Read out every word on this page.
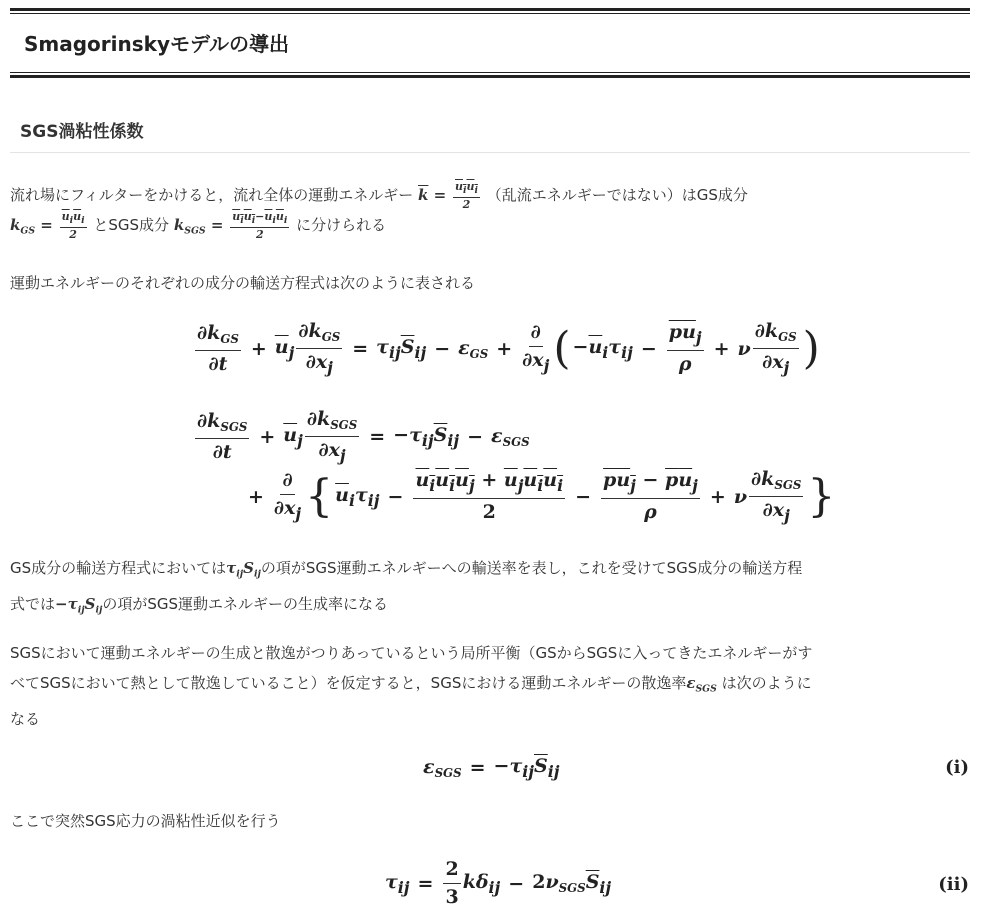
Smagorinskyモデルの導出
SGS渦粘性係数
流れ場にフィルターをかけると，流れ全体の運動エネルギー $\overline{k} = \frac{u_iu_i}{2}$ （乱流エネルギーではない）はGS成分
$k_{GS} = \frac{\overline{u}_i\overline{u}_i}{2}$ とSGS成分 $k_{SGS} = \frac{u_iu_i-\overline{u}_i\overline{u}_i}{2}$ に分けられる
運動エネルギーのそれぞれの成分の輸送方程式は次のように表される
$\frac{\partial k_{GS}}{\partial t} + \overline{u}_j \frac{\partial k_{GS}}{\partial x_j} = \tau_{ij}\overline{S}_{ij} - \varepsilon_{GS} + \frac{\partial}{\partial x_j}$ ( $-\overline{u}_i\tau_{ij} - \frac{\overline{p}\overline{u}_j}{\rho} + \nu \frac{\partial k_{GS}}{\partial x_j}$ )
$\frac{\partial k_{SGS}}{\partial t} + \overline{u}_j \frac{\partial k_{SGS}}{\partial x_j} = -\tau_{ij}\overline{S}_{ij} - \varepsilon_{SGS}$
+ $\frac{\partial}{\partial x_j}$ { $\overline{u}_i\tau_{ij} - \frac{u_iu_iu_j + \overline{u}_ju_iu_i}{2} - \frac{pu_j - \overline{p}\overline{u}_j}{\rho} + \nu \frac{\partial k_{SGS}}{\partial x_j}$ }
GS成分の輸送方程式においては$\tau_{ij}S_{ij}$の項がSGS運動エネルギーへの輸送率を表し，これを受けてSGS成分の輸送方程
式では$-\tau_{ij}S_{ij}$の項がSGS運動エネルギーの生成率になる
SGSにおいて運動エネルギーの生成と散逸がつりあっているという局所平衡（GSからSGSに入ってきたエネルギーがす
べてSGSにおいて熱として散逸していること）を仮定すると，SGSにおける運動エネルギーの散逸率$\varepsilon_{SGS}$ は次のように
なる
$\varepsilon_{SGS} = -\tau_{ij}\overline{S}_{ij}$	(i)
ここで突然SGS応力の渦粘性近似を行う
$\tau_{ij} = \frac{2}{3} k\delta_{ij} - 2\nu_{SGS}\overline{S}_{ij}$	(ii)
